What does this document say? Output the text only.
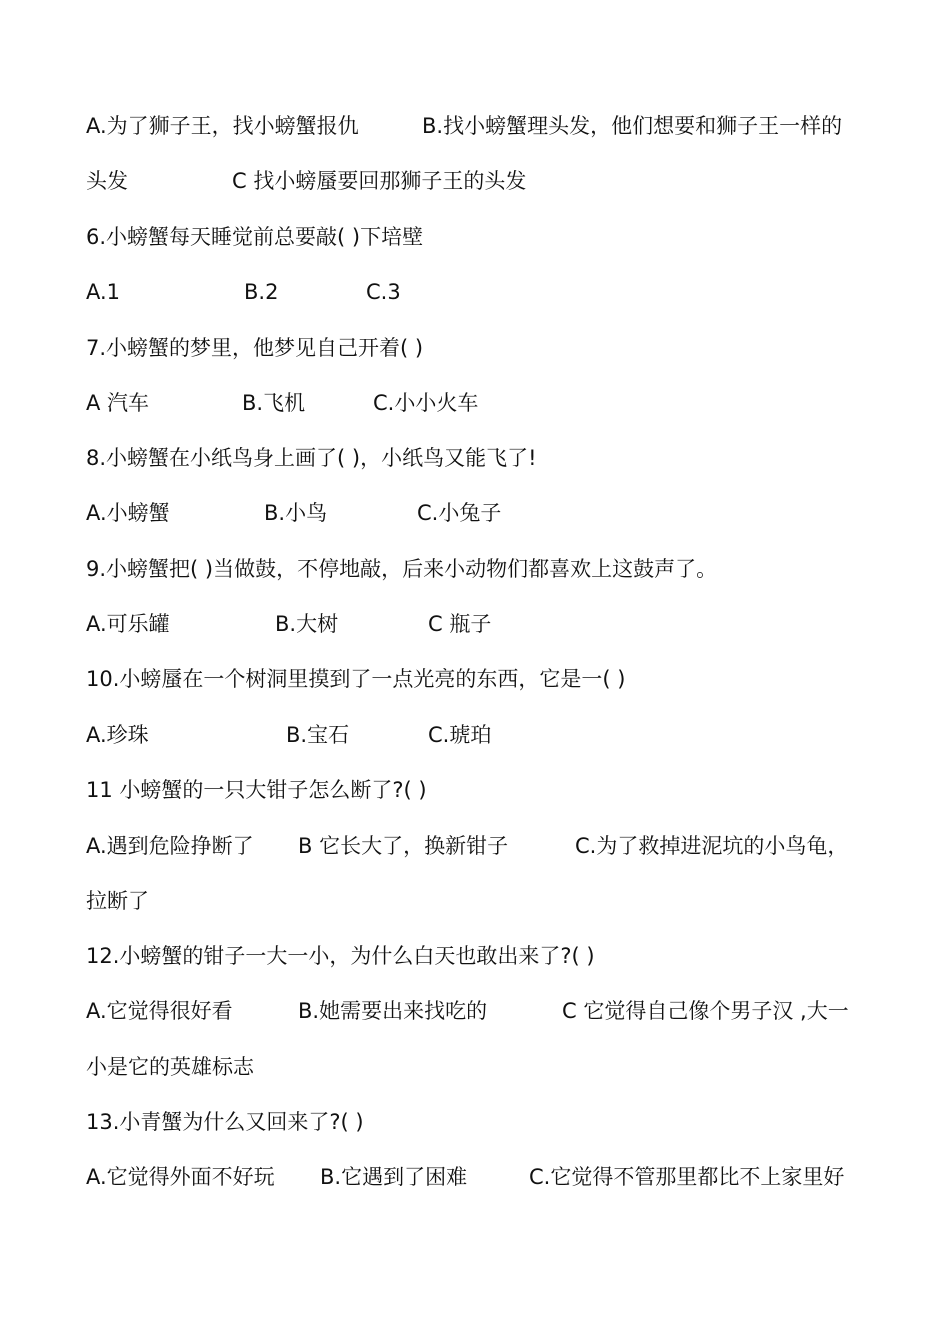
A.为了狮子王，找小螃蟹报仇	B.找小螃蟹理头发，他们想要和狮子王一样的
头发	C 找小螃蜃要回那狮子王的头发
6.小螃蟹每天睡觉前总要敲( )下培壁
A.1	B.2	C.3
7.小螃蟹的梦里，他梦见自己开着( )
A 汽车	B.飞机	C.小小火车
8.小螃蟹在小纸鸟身上画了( )，小纸鸟又能飞了!
A.小螃蟹	B.小鸟	C.小兔子
9.小螃蟹把( )当做鼓，不停地敲，后来小动物们都喜欢上这鼓声了。
A.可乐罐	B.大树	C 瓶子
10.小螃蜃在一个树洞里摸到了一点光亮的东西，它是一( )
A.珍珠	B.宝石	C.琥珀
11 小螃蟹的一只大钳子怎么断了?( )
A.遇到危险挣断了 B 它长大了，换新钳子	C.为了救掉进泥坑的小鸟龟，
拉断了
12.小螃蟹的钳子一大一小，为什么白天也敢出来了?( )
A.它觉得很好看	B.她需要出来找吃的	C 它觉得自己像个男子汉 ,大一
小是它的英雄标志
13.小青蟹为什么又回来了?( )
A.它觉得外面不好玩 B.它遇到了困难	C.它觉得不管那里都比不上家里好
